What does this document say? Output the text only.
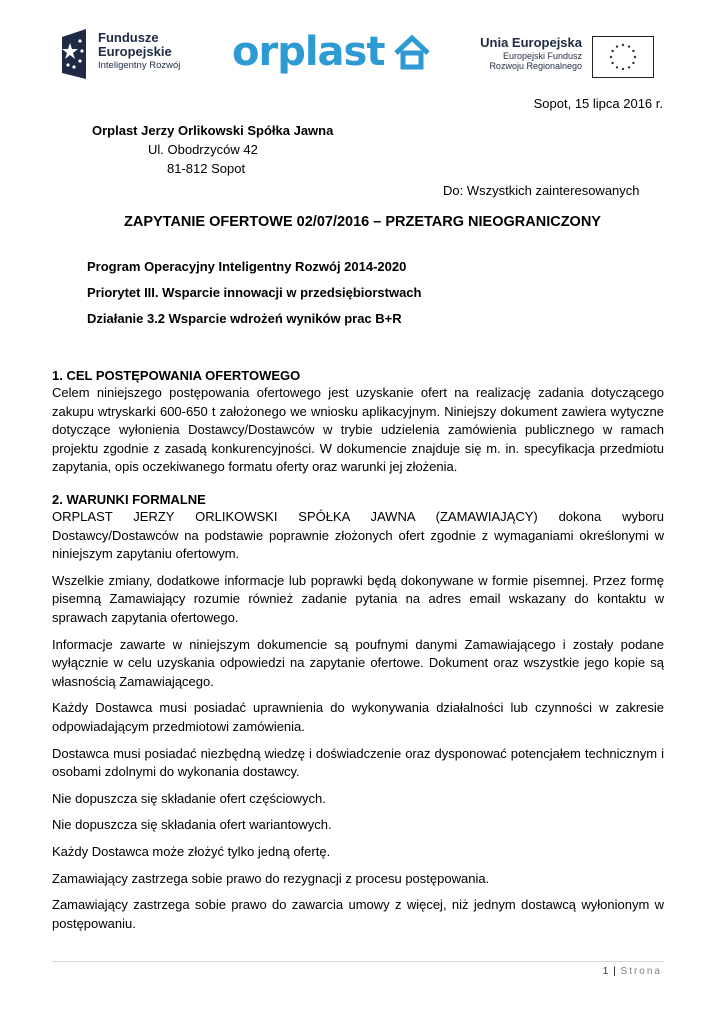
Fundusze
Europejskie
Inteligentny Rozwój orplast	Unia Europejska
Europejski Fundusz
Rozwoju Regionalnego
Sopot, 15 lipca 2016 r.
Orplast Jerzy Orlikowski Spółka Jawna
Ul. Obodrzyców 42
81-812 Sopot
Do: Wszystkich zainteresowanych
ZAPYTANIE OFERTOWE 02/07/2016 – PRZETARG NIEOGRANICZONY
Program Operacyjny Inteligentny Rozwój 2014-2020
Priorytet III. Wsparcie innowacji w przedsiębiorstwach
Działanie 3.2 Wsparcie wdrożeń wyników prac B+R

1. CEL POSTĘPOWANIA OFERTOWEGO

Celem niniejszego postępowania ofertowego jest uzyskanie ofert na realizację zadania dotyczącego zakupu wtryskarki 600-650 t założonego we wniosku aplikacyjnym. Niniejszy dokument zawiera wytyczne dotyczące wyłonienia Dostawcy/Dostawców w trybie udzielenia zamówienia publicznego w ramach projektu zgodnie z zasadą konkurencyjności. W dokumencie znajduje się m. in. specyfikacja przedmiotu zapytania, opis oczekiwanego formatu oferty oraz warunki jej złożenia.

2. WARUNKI FORMALNE

ORPLAST JERZY ORLIKOWSKI SPÓŁKA JAWNA (ZAMAWIAJĄCY) dokona wyboru Dostawcy/Dostawców na podstawie poprawnie złożonych ofert zgodnie z wymaganiami określonymi w niniejszym zapytaniu ofertowym.

Wszelkie zmiany, dodatkowe informacje lub poprawki będą dokonywane w formie pisemnej. Przez formę pisemną Zamawiający rozumie również zadanie pytania na adres email wskazany do kontaktu w sprawach zapytania ofertowego.

Informacje zawarte w niniejszym dokumencie są poufnymi danymi Zamawiającego i zostały podane wyłącznie w celu uzyskania odpowiedzi na zapytanie ofertowe. Dokument oraz wszystkie jego kopie są własnością Zamawiającego.

Każdy Dostawca musi posiadać uprawnienia do wykonywania działalności lub czynności w zakresie odpowiadającym przedmiotowi zamówienia.

Dostawca musi posiadać niezbędną wiedzę i doświadczenie oraz dysponować potencjałem technicznym i osobami zdolnymi do wykonania dostawcy.

Nie dopuszcza się składanie ofert częściowych.

Nie dopuszcza się składania ofert wariantowych.

Każdy Dostawca może złożyć tylko jedną ofertę.

Zamawiający zastrzega sobie prawo do rezygnacji z procesu postępowania.

Zamawiający zastrzega sobie prawo do zawarcia umowy z więcej, niż jednym dostawcą wyłonionym w postępowaniu.

1 | Strona
